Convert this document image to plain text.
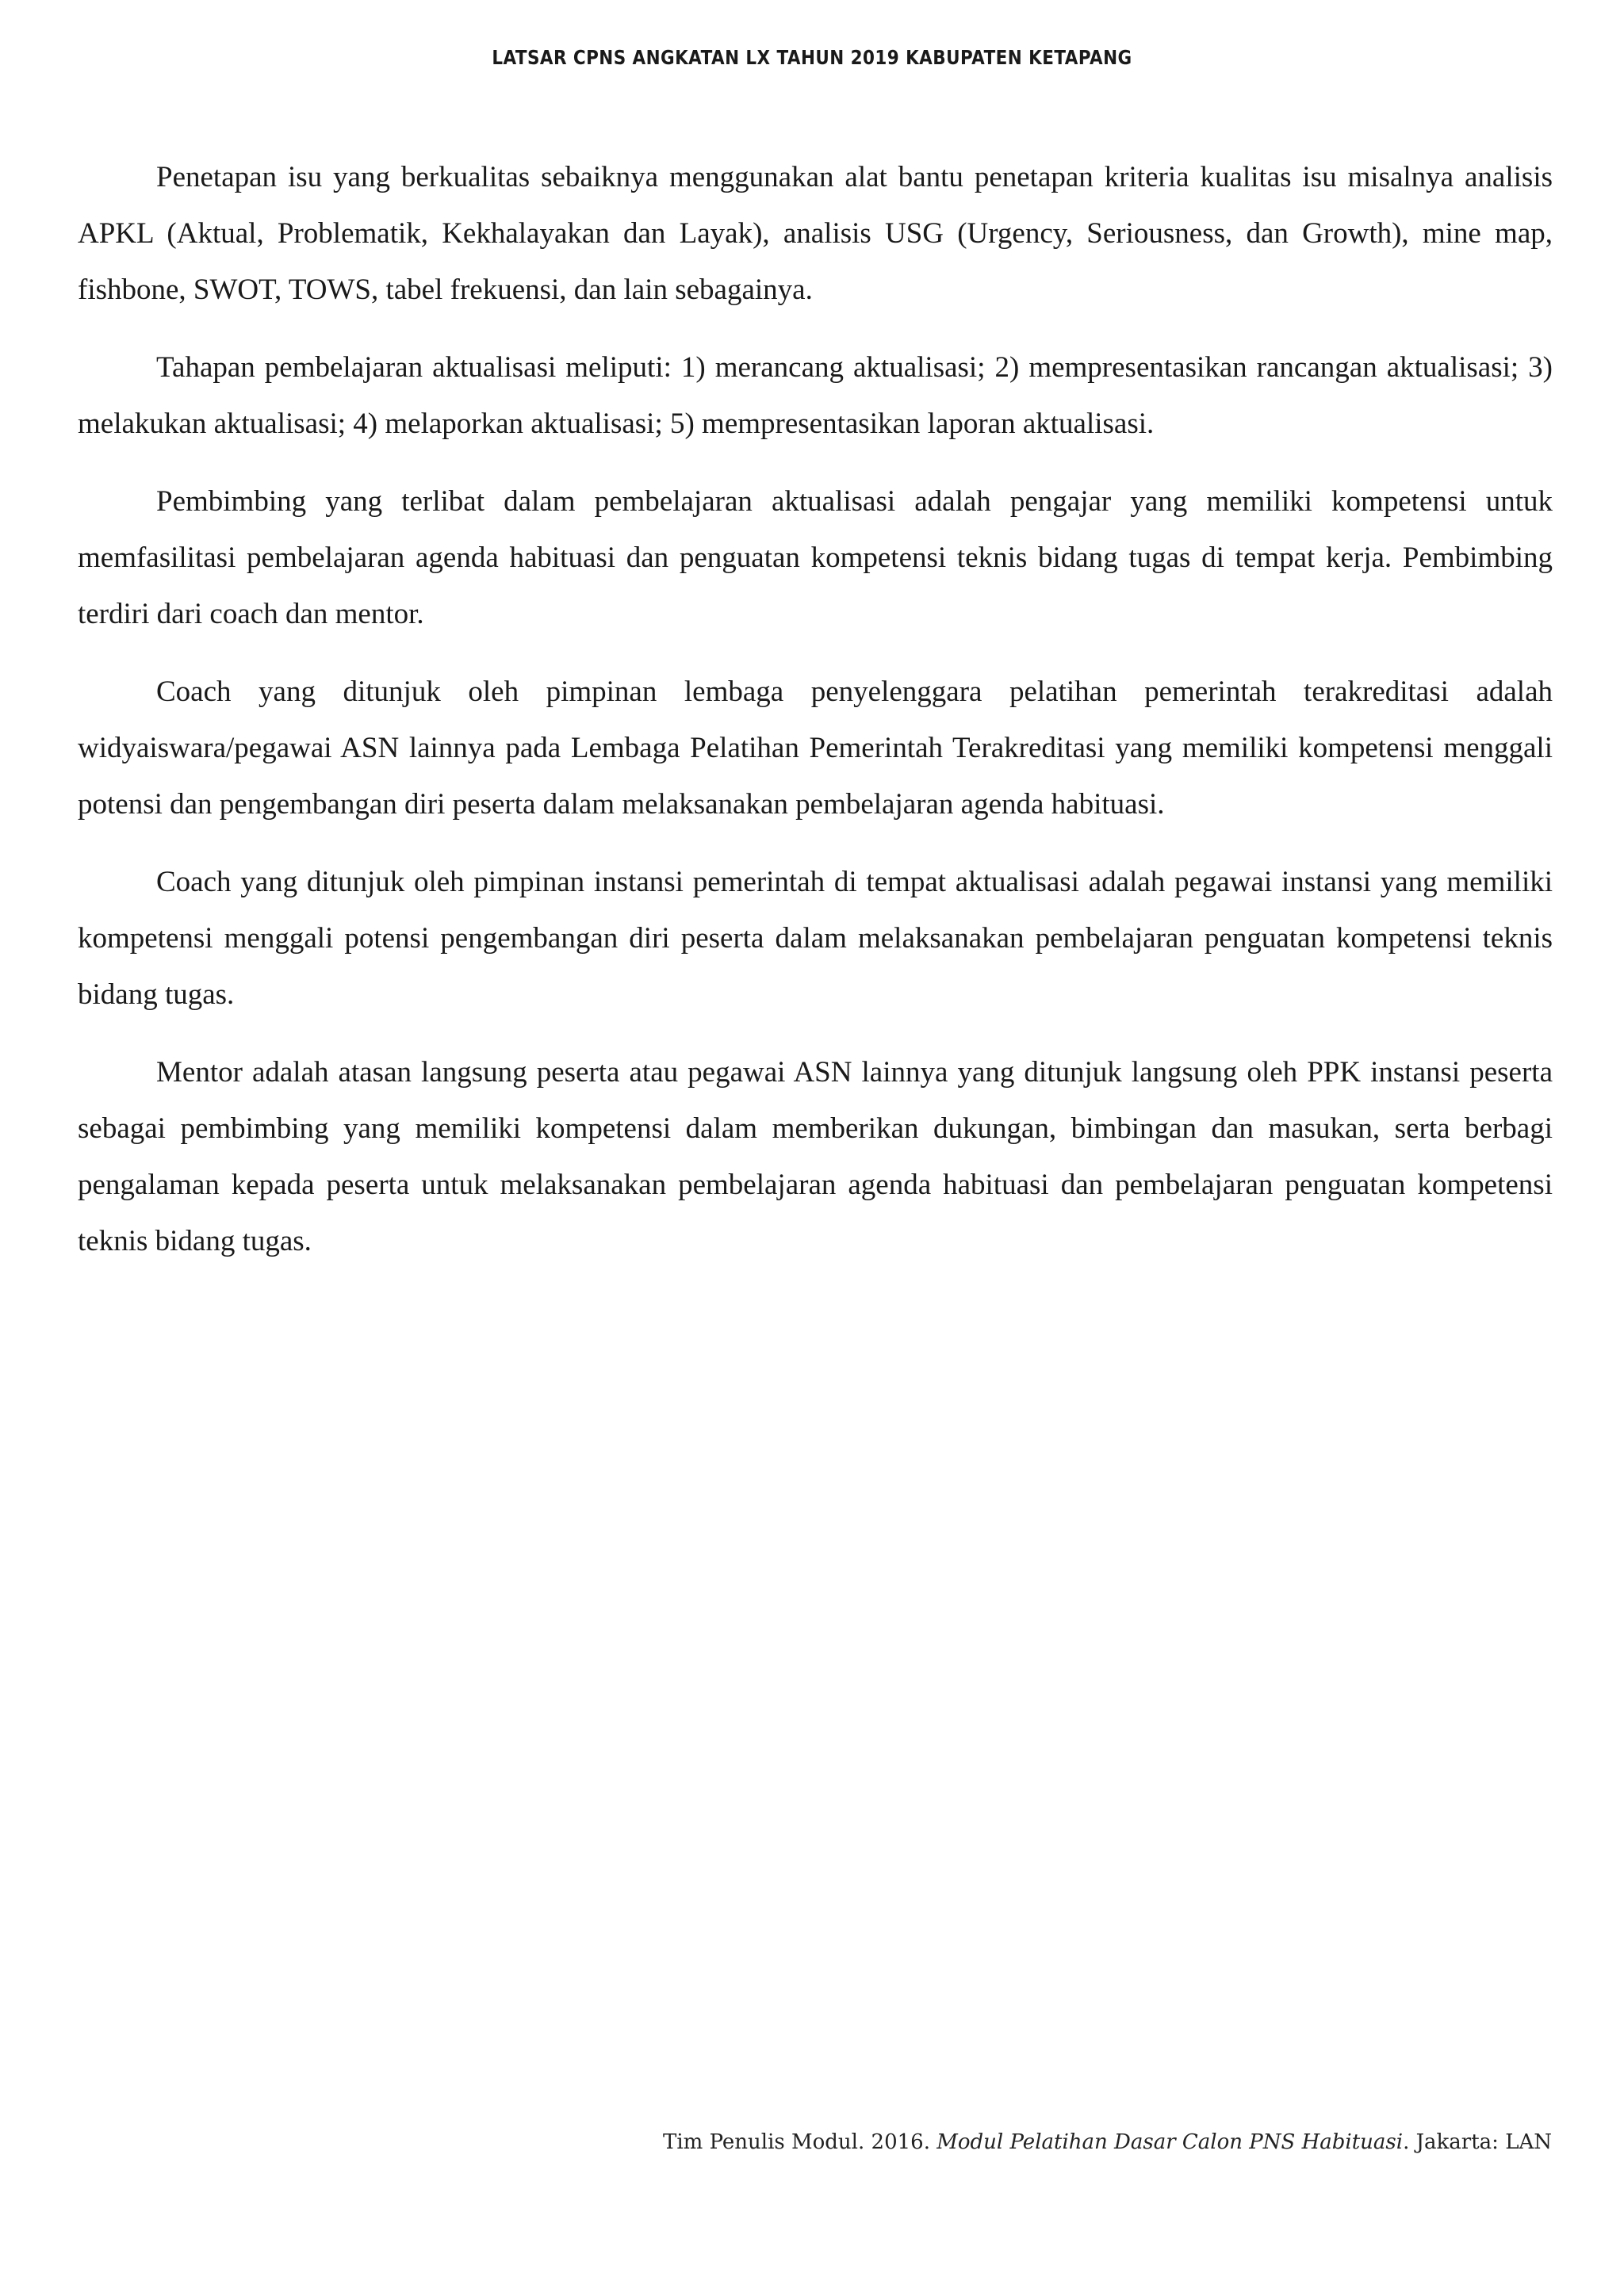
LATSAR CPNS ANGKATAN LX TAHUN 2019 KABUPATEN KETAPANG

Penetapan isu yang berkualitas sebaiknya menggunakan alat bantu penetapan kriteria kualitas isu misalnya analisis APKL (Aktual, Problematik, Kekhalayakan dan Layak), analisis USG (Urgency, Seriousness, dan Growth), mine map, fishbone, SWOT, TOWS, tabel frekuensi, dan lain sebagainya.

Tahapan pembelajaran aktualisasi meliputi: 1) merancang aktualisasi; 2) mempresentasikan rancangan aktualisasi; 3) melakukan aktualisasi; 4) melaporkan aktualisasi; 5) mempresentasikan laporan aktualisasi.

Pembimbing yang terlibat dalam pembelajaran aktualisasi adalah pengajar yang memiliki kompetensi untuk memfasilitasi pembelajaran agenda habituasi dan penguatan kompetensi teknis bidang tugas di tempat kerja. Pembimbing terdiri dari coach dan mentor.

Coach yang ditunjuk oleh pimpinan lembaga penyelenggara pelatihan pemerintah terakreditasi adalah widyaiswara/pegawai ASN lainnya pada Lembaga Pelatihan Pemerintah Terakreditasi yang memiliki kompetensi menggali potensi dan pengembangan diri peserta dalam melaksanakan pembelajaran agenda habituasi.

Coach yang ditunjuk oleh pimpinan instansi pemerintah di tempat aktualisasi adalah pegawai instansi yang memiliki kompetensi menggali potensi pengembangan diri peserta dalam melaksanakan pembelajaran penguatan kompetensi teknis bidang tugas.

Mentor adalah atasan langsung peserta atau pegawai ASN lainnya yang ditunjuk langsung oleh PPK instansi peserta sebagai pembimbing yang memiliki kompetensi dalam memberikan dukungan, bimbingan dan masukan, serta berbagi pengalaman kepada peserta untuk melaksanakan pembelajaran agenda habituasi dan pembelajaran penguatan kompetensi teknis bidang tugas.

Tim Penulis Modul. 2016. Modul Pelatihan Dasar Calon PNS Habituasi. Jakarta: LAN
